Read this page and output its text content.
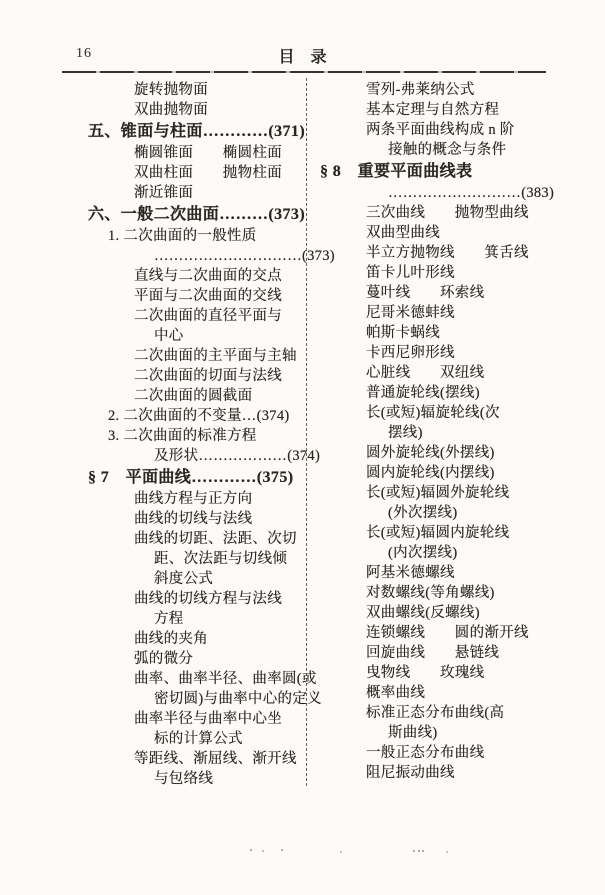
16	目　录
旋转抛物面
双曲抛物面
五、锥面与柱面…………(371)
椭圆锥面　　椭圆柱面
双曲柱面　　抛物柱面
渐近锥面
六、一般二次曲面………(373)
1. 二次曲面的一般性质
…………………………(373)
直线与二次曲面的交点
平面与二次曲面的交线
二次曲面的直径平面与
中心
二次曲面的主平面与主轴
二次曲面的切面与法线
二次曲面的圆截面
2. 二次曲面的不变量…(374)
3. 二次曲面的标准方程
及形状………………(374)
§ 7　平面曲线…………(375)
曲线方程与正方向
曲线的切线与法线
曲线的切距、法距、次切
距、次法距与切线倾
斜度公式
曲线的切线方程与法线
方程
曲线的夹角
弧的微分
曲率、曲率半径、曲率圆(或
密切圆)与曲率中心的定义
曲率半径与曲率中心坐
标的计算公式
等距线、渐屈线、渐开线
与包络线
雪列-弗莱纳公式
基本定理与自然方程
两条平面曲线构成 n 阶
接触的概念与条件
§ 8　重要平面曲线表
………………………(383)
三次曲线　　抛物型曲线
双曲型曲线
半立方抛物线　　箕舌线
笛卡儿叶形线
蔓叶线　　环索线
尼哥米德蚌线
帕斯卡蜗线
卡西尼卵形线
心脏线　　双纽线
普通旋轮线(摆线)
长(或短)辐旋轮线(次
摆线)
圆外旋轮线(外摆线)
圆内旋轮线(内摆线)
长(或短)辐圆外旋轮线
(外次摆线)
长(或短)辐圆内旋轮线
(内次摆线)
阿基米德螺线
对数螺线(等角螺线)
双曲螺线(反螺线)
连锁螺线　　圆的渐开线
回旋曲线　　悬链线
曳物线　　玫瑰线
概率曲线
标准正态分布曲线(高
斯曲线)
一般正态分布曲线
阻尼振动曲线
